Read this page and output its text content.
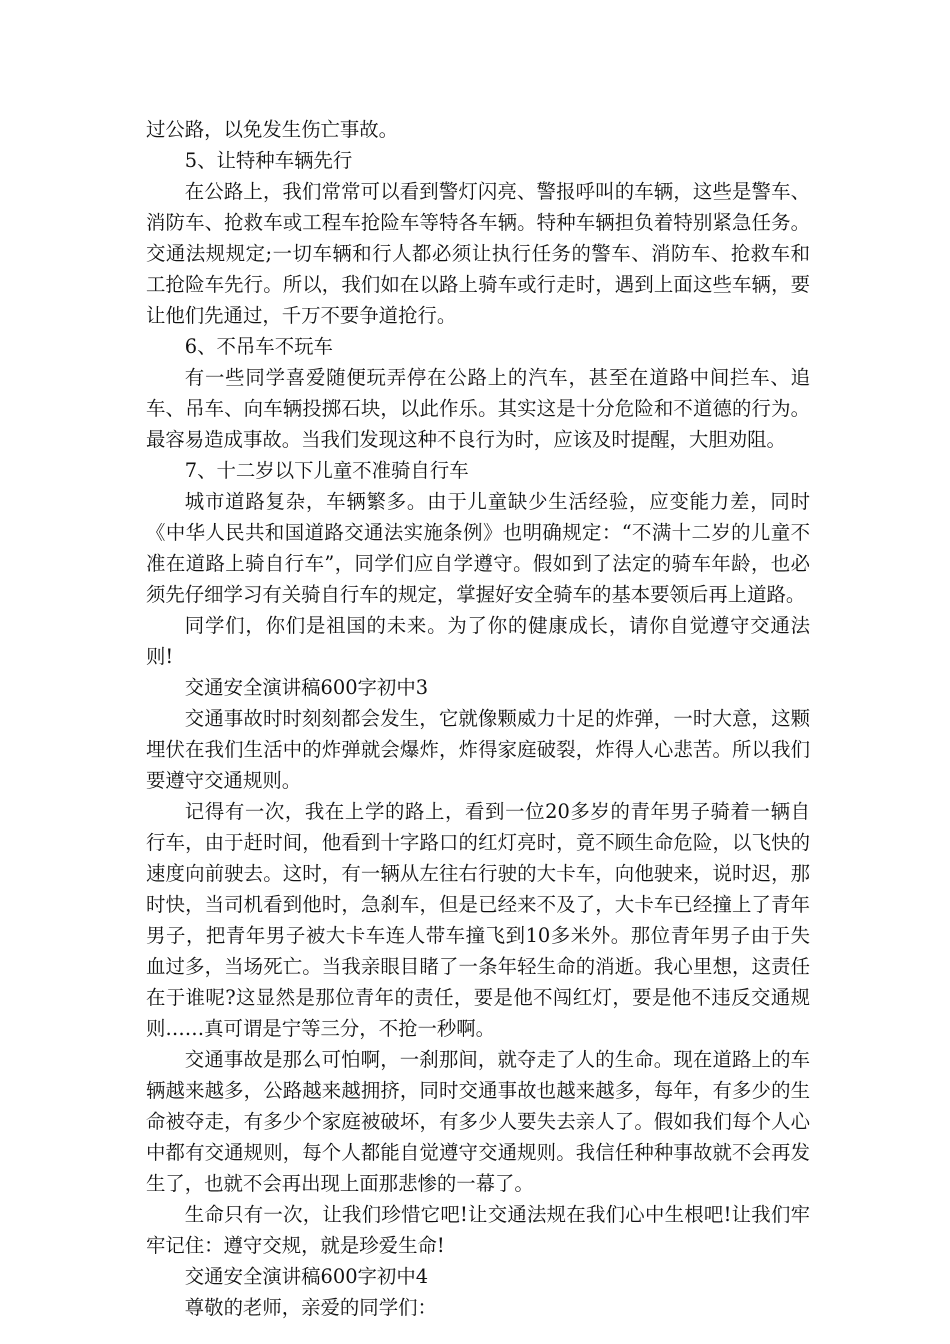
过公路，以免发生伤亡事故。

5、让特种车辆先行

在公路上，我们常常可以看到警灯闪亮、警报呼叫的车辆，这些是警车、消防车、抢救车或工程车抢险车等特各车辆。特种车辆担负着特别紧急任务。交通法规规定;一切车辆和行人都必须让执行任务的警车、消防车、抢救车和工抢险车先行。所以，我们如在以路上骑车或行走时，遇到上面这些车辆，要让他们先通过，千万不要争道抢行。

6、不吊车不玩车

有一些同学喜爱随便玩弄停在公路上的汽车，甚至在道路中间拦车、追车、吊车、向车辆投掷石块，以此作乐。其实这是十分危险和不道德的行为。最容易造成事故。当我们发现这种不良行为时，应该及时提醒，大胆劝阻。

7、十二岁以下儿童不准骑自行车

城市道路复杂，车辆繁多。由于儿童缺少生活经验，应变能力差，同时《中华人民共和国道路交通法实施条例》也明确规定：“不满十二岁的儿童不准在道路上骑自行车”，同学们应自学遵守。假如到了法定的骑车年龄，也必须先仔细学习有关骑自行车的规定，掌握好安全骑车的基本要领后再上道路。

同学们，你们是祖国的未来。为了你的健康成长，请你自觉遵守交通法则!

交通安全演讲稿600字初中3

交通事故时时刻刻都会发生，它就像颗威力十足的炸弹，一时大意，这颗埋伏在我们生活中的炸弹就会爆炸，炸得家庭破裂，炸得人心悲苦。所以我们要遵守交通规则。

记得有一次，我在上学的路上，看到一位20多岁的青年男子骑着一辆自行车，由于赶时间，他看到十字路口的红灯亮时，竟不顾生命危险，以飞快的速度向前驶去。这时，有一辆从左往右行驶的大卡车，向他驶来，说时迟，那时快，当司机看到他时，急刹车，但是已经来不及了，大卡车已经撞上了青年男子，把青年男子被大卡车连人带车撞飞到10多米外。那位青年男子由于失血过多，当场死亡。当我亲眼目睹了一条年轻生命的消逝。我心里想，这责任在于谁呢?这显然是那位青年的责任，要是他不闯红灯，要是他不违反交通规则……真可谓是宁等三分，不抢一秒啊。

交通事故是那么可怕啊，一刹那间，就夺走了人的生命。现在道路上的车辆越来越多，公路越来越拥挤，同时交通事故也越来越多，每年，有多少的生命被夺走，有多少个家庭被破坏，有多少人要失去亲人了。假如我们每个人心中都有交通规则，每个人都能自觉遵守交通规则。我信任种种事故就不会再发生了，也就不会再出现上面那悲惨的一幕了。

生命只有一次，让我们珍惜它吧!让交通法规在我们心中生根吧!让我们牢牢记住：遵守交规，就是珍爱生命!

交通安全演讲稿600字初中4

尊敬的老师，亲爱的同学们：
